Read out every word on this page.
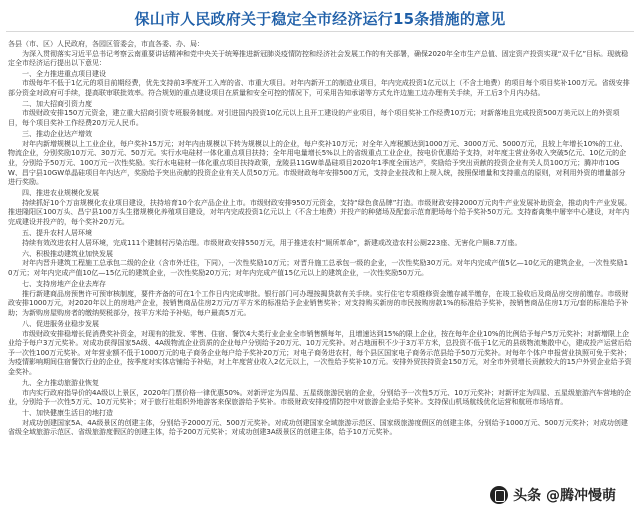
保山市人民政府关于稳定全市经济运行15条措施的意见

各县（市、区）人民政府，各园区管委会，市直各委、办、局：

为深入贯彻落实习近平总书记考察云南重要讲话精神和党中央关于统筹推进新冠肺炎疫情防控和经济社会发展工作的有关部署，确保2020年全市生产总值、固定资产投资实现“双千亿”目标。现就稳定全市经济运行提出以下意见：

一、全力推进重点项目建设

市级每年不低于1亿元的项目前期经费，优先支持前3季度开工入库的省、市重大项目。对年内新开工的制造业项目，年内完成投资1亿元以上（不含土地费）的项目每个项目奖补100万元。省级安排部分资金对政府可手续，提高联审联批效率。符合规划的重点建设项目在质量和安全可控的情况下，可采用告知承诺等方式允许边施工边办理有关手续，开工后3个月内办结。

二、加大招商引资力度

市级财政安排150万元资金，建立重大招商引资专班服务制度。对引进国内投资10亿元以上且开工建设的产业项目，每个项目奖补工作经费10万元；对新落地且完成投资500万美元以上的外资项目，每个项目奖补工作经费20万元人民币。

三、推动企业达产增效

对年内新增规模以上工业企业，每户奖补15万元；对年内由规模以下转为规模以上的企业，每户奖补10万元；对全年入库税额达到1000万元、3000万元、5000万元，且较上年增长10%的工业、物流企业，分别奖励10万元、30万元、50万元。实行水电硅材一体化重点项目扶持；全年用电量增长5%以上的省级重点工业企业，按电价优惠给予支持，对年度主营业务收入突破5亿元、10亿元的企业，分别给予50万元、100万元一次性奖励。实行水电硅材一体化重点项目扶持政策，龙陵县11GW单晶硅项目2020年1季度全面达产，奖励给予突出贡献的投资企业有关人员100万元；腾冲市10GW、昌宁县10GW单晶硅项目年内达产，奖励给予突出贡献的投资企业有关人员50万元。市级财政每年安排500万元，支持企业技改和上规入统，按照保增量和支持重点的原则，对利用外资的增量部分进行奖励。

四、推进农业规模化发展

持续抓好10个万亩规模化农业项目建设，扶持培育10个农产品企业上市。市级财政安排950万元资金，支持“绿色食品牌”打造。市级财政安排2000万元肉牛产业发展补助资金，推动肉牛产业发展。推进隆阳区100万头、昌宁县100万头生猪规模化养殖项目建设，对年内完成投资1亿元以上（不含土地费）并投产的种猪场及配套示范育肥场每个给予奖补50万元。支持畜禽集中屠宰中心建设，对年内完成建设并投产的，每个奖补20万元。

五、提升农村人居环境

持续有效改进农村人居环境，完成111个建制村污染治理。市级财政安排550万元，用于推进农村“厕所革命”，新建或改造农村公厕223座、无害化户厕8.7万座。

六、积极推动建筑业加快发展

对年内晋升建筑工程施工总承包二级的企业（含市外迁往，下同），一次性奖励10万元；对晋升施工总承包一级的企业，一次性奖励30万元。对年内完成产值5亿—10亿元的建筑企业，一次性奖励10万元；对年内完成产值10亿—15亿元的建筑企业，一次性奖励20万元；对年内完成产值15亿元以上的建筑企业，一次性奖励50万元。

七、支持房地产企业去库存

推行新建商品房预售许可预审核制度，要件齐备的可在1个工作日内完成审批。银行部门可办理按揭贷款有关手续。实行住宅专项维修资金缴存减半缴存，在竣工验收后及商品房交房前缴存。市级财政安排1000万元，对2020年以上的房地产企业，按销售商品住房2万元/万平方米的标准给予企业销售奖补；对支持购买新房的市民按购房款1%的标准给予奖补，按销售商品住房1万元/套的标准给予补助；为新购房屋购房者的缴纳契税部分，按平方米给予补贴，每户最高5万元。

八、促进服务业稳步发展

市级财政安排稳增长促消费奖补资金，对现有的批发、零售、住宿、餐饮4大类行业企业全市销售额每年，且增速达到15%的限上企业，按在每年企业10%的比例给予每户5万元奖补；对新增限上企业给予每户3万元奖补。对成功获得国家5A级、4A级物流企业资质的企业每户分别给予20万元、10万元奖补。对占地面积不少于3万平方米，总投资不低于1亿元的县级物流集散中心，建成投产运营后给予一次性100万元奖补。对年营业额不低于1000万元的电子商务企业每户给予奖补20万元；对电子商务进农村，每个县区国家电子商务示范县给予50万元奖补。对每年个体户申报营业执照可免于奖补；为疫情影响期间住宿餐饮行业的企业，按季度对实体店铺给予补贴，对上年度营业收入2亿元以上，一次性给予奖补10万元。安排外贸扶持资金150万元，对全市外贸增长贡献较大的15户外贸企业给予资金奖补。

九、全力推动旅游业恢复

市内实行政府指导价的4A级以上景区，2020年门票价格一律优惠50%。对新评定为四星、五星级旅游民宿的企业，分别给予一次性5万元、10万元奖补；对新评定为四星、五星级旅游汽车营地的企业，分别给予一次性5万元、10万元奖补；对于旅行社组织外地游客来保旅游给予奖补。市级财政安排疫情防控中对旅游企业给予奖补。支持保山机场航线优化运营和航班市场培育。

十、加快健康生活目的地打造

对成功创建国家5A、4A级景区的创建主体，分别给予2000万元、500万元奖补。对成功创建国家全域旅游示范区、国家级旅游度假区的创建主体，分别给予1000万元、500万元奖补；对成功创建省级全域旅游示范区、省级旅游度假区的创建主体，给予200万元奖补；对成功创建3A级景区的创建主体，给予10万元奖补。

头条 @腾冲慢萌
